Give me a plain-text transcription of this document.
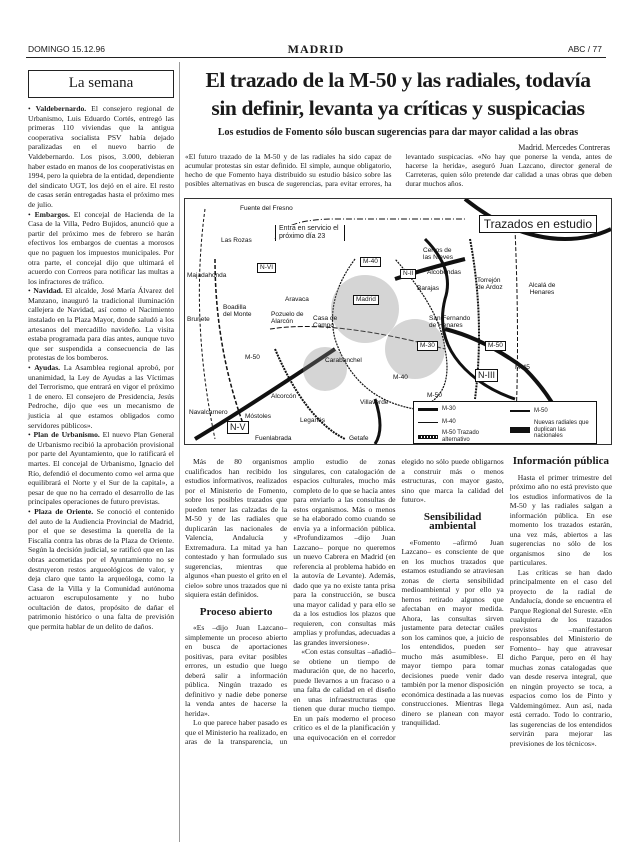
DOMINGO 15.12.96	MADRID	ABC / 77
La semana

• Valdebernardo. El consejero regional de Urbanismo, Luis Eduardo Cortés, entregó las primeras 110 viviendas que la antigua cooperativa socialista PSV había dejado paralizadas en el nuevo barrio de Valdebernardo. Los pisos, 3.000, debieran haber estado en manos de los cooperativistas en 1994, pero la quiebra de la entidad, dependiente del sindicato UGT, los dejó en el aire. El resto de casas serán entregadas hasta el próximo mes de julio.

• Embargos. El concejal de Hacienda de la Casa de la Villa, Pedro Bujidos, anunció que a partir del próximo mes de febrero se harán efectivos los embargos de cuentas a morosos que no paguen los impuestos municipales. Por otra parte, el concejal dijo que ultimará el acuerdo con Correos para notificar las multas a los infractores de tráfico.

• Navidad. El alcalde, José María Álvarez del Manzano, inauguró la tradicional iluminación callejera de Navidad, así como el Nacimiento instalado en la Plaza Mayor, donde saludó a los artesanos del mercadillo navideño. La visita estaba programada para días antes, aunque tuvo que ser suspendida a consecuencia de las protestas de los bomberos.

• Ayudas. La Asamblea regional aprobó, por unanimidad, la Ley de Ayudas a las Víctimas del Terrorismo, que entrará en vigor el próximo 1 de enero. El consejero de Presidencia, Jesús Pedroche, dijo que «es un mecanismo de justicia al que estamos obligados como servidores públicos».

• Plan de Urbanismo. El nuevo Plan General de Urbanismo recibió la aprobación provisional por parte del Ayuntamiento, que lo ratificará el martes. El concejal de Urbanismo, Ignacio del Río, defendió el documento como «el arma que equilibrará el Norte y el Sur de la capital», a pesar de que no ha cerrado el desarrollo de las principales operaciones de futuro previstas.

• Plaza de Oriente. Se conoció el contenido del auto de la Audiencia Provincial de Madrid, por el que se desestima la querella de la Fiscalía contra las obras de la Plaza de Oriente. Según la decisión judicial, se ratificó que en las obras acometidas por el Ayuntamiento no se destruyeron restos arqueológicos de valor, y deja claro que tanto la arqueóloga, como la Casa de la Villa y la Comunidad autónoma actuaron escrupulosamente y no hubo ocultación de datos, propósito de dañar el patrimonio histórico o una falta de previsión que permita hablar de un delito de daños.

El trazado de la M-50 y las radiales, todavía
sin definir, levanta ya críticas y suspicacias
Los estudios de Fomento sólo buscan sugerencias para dar mayor calidad a las obras
Madrid. Mercedes Contreras
«El futuro trazado de la M-50 y de las radiales ha sido capaz de acumular protestas sin estar definido. El simple, aunque obligatorio, hecho de que Fomento haya distribuido su estudio básico sobre las posibles alternativas en busca de sugerencias, para evitar errores, ha levantado suspicacias. «No hay que ponerse la venda, antes de hacerse la herida», aseguró Juan Lazcano, director general de Carreteras, quien sólo pretende dar calidad a unas obras que deben durar muchos años.
Trazados en estudio
Entra en servicio el próximo día 23
Fuente del Fresno
Las Rozas
Majadahonda
Boadilla del Monte
Brunete
Aravaca
Pozuelo de Alarcón	Casa de Campo
Madrid
Carabanchel
Alcorcón
Navalcarnero
Móstoles
Leganés
Fuenlabrada	Getafe
Villaverde
Cerros de las Nieves
Alcobendas
Barajas
Torrejón de Ardoz	Alcalá de Henares
San Fernando de Henares
M-40
M-30
N-VI
M-50
N-V
M-40
N-II
M-50
N-III
M-45
M-50
M-30
M-40
M-50 Trazado alternativo
M-50
Nuevas radiales que duplican las nacionales

Más de 80 organismos cualificados han recibido los estudios informativos, realizados por el Ministerio de Fomento, sobre los posibles trazados que pueden tener las calzadas de la M-50 y de las radiales que duplicarán las nacionales de Valencia, Andalucía y Extremadura. La mitad ya han contestado y han formulado sus sugerencias, mientras que algunos «han puesto el grito en el cielo» sobre unos trazados que ni siquiera están definidos.

Proceso abierto

«Es –dijo Juan Lazcano– simplemente un proceso abierto en busca de aportaciones positivas, para evitar posibles errores, un estudio que luego deberá salir a información pública. Ningún trazado es definitivo y nadie debe ponerse la venda antes de hacerse la herida».

Lo que parece haber pasado es que el Ministerio ha realizado, en aras de la transparencia, un amplio estudio de zonas singulares, con catalogación de espacios culturales, mucho más completo de lo que se hacía antes para enviarlo a las consultas de estos organismos. Más o menos se ha elaborado como cuando se envía ya a información pública. «Profundizamos –dijo Juan Lazcano– porque no queremos un nuevo Cabrera en Madrid (en referencia al problema habido en la autovía de Levante). Además, dado que ya no existe tanta prisa para la construcción, se busca una mayor calidad y para ello se da a los estudios los plazos que requieren, con consultas más amplias y profundas, adecuadas a las grandes inversiones».

«Con estas consultas –añadió– se obtiene un tiempo de maduración que, de no hacerlo, puede llevarnos a un fracaso o a una falta de calidad en el diseño en unas infraestructuras que tienen que durar mucho tiempo. En un país moderno el proceso crítico es el de la planificación y una equivocación en el corredor elegido no sólo puede obligarnos a construir más o menos estructuras, con mayor gasto, sino que marca la calidad del futuro».

Sensibilidad ambiental

«Fomento –afirmó Juan Lazcano– es consciente de que en los muchos trazados que estamos estudiando se atraviesan zonas de cierta sensibilidad medioambiental y por ello ya hemos retirado algunos que afectaban en mayor medida. Ahora, las consultas sirven justamente para detectar cuáles son los caminos que, a juicio de los entendidos, pueden ser mucho más asumibles». El mayor tiempo para tomar decisiones puede venir dado también por la menor disposición económica destinada a las nuevas construcciones. Mientras llega dinero se planean con mayor tranquilidad.

Información pública

Hasta el primer trimestre del próximo año no está previsto que los estudios informativos de la M-50 y las radiales salgan a información pública. En ese momento los trazados estarán, una vez más, abiertos a las sugerencias no sólo de los organismos sino de los particulares.

Las críticas se han dado principalmente en el caso del proyecto de la radial de Andalucía, donde se encuentra el Parque Regional del Sureste. «En cualquiera de los trazados previstos –manifestaron responsables del Ministerio de Fomento– hay que atravesar dicho Parque, pero en él hay muchas zonas catalogadas que van desde reserva integral, que en ningún proyecto se toca, a espacios como los de Pinto y Valdemingómez. Aun así, nada está cerrado. Todo lo contrario, las sugerencias de los entendidos servirán para mejorar las previsiones de los técnicos».
